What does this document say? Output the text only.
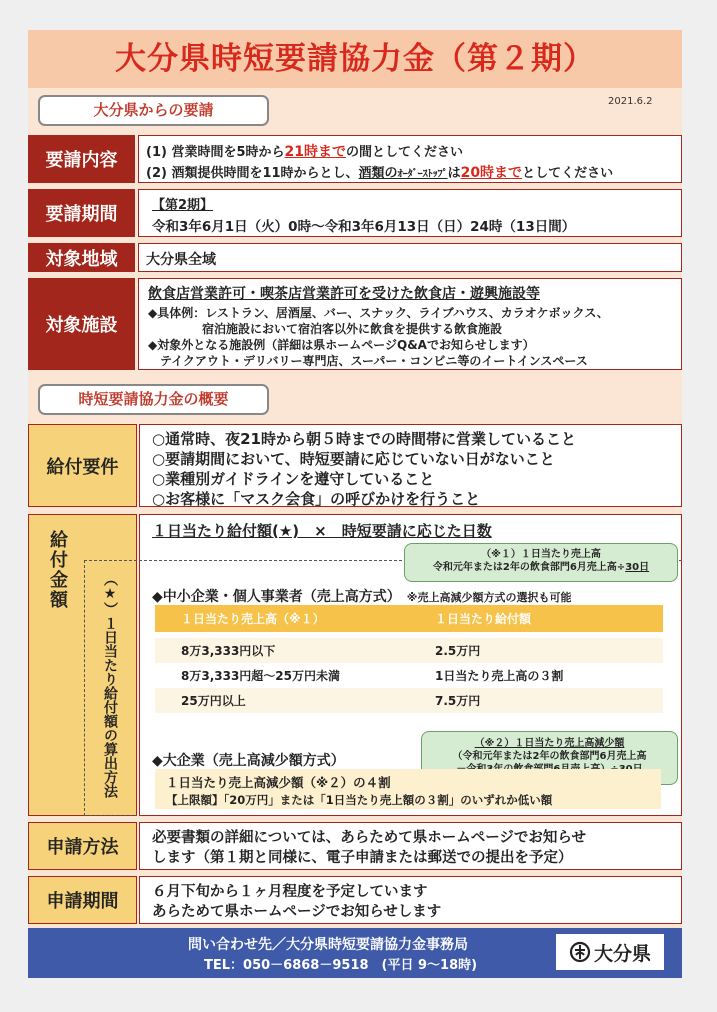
大分県時短要請協力金（第２期）
大分県からの要請	2021.6.2
要請内容	(1) 営業時間を5時から21時までの間としてください
(2) 酒類提供時間を11時からとし、酒類のｵｰﾀﾞｰｽﾄｯﾌﾟは20時までとしてください
要請期間	【第2期】
令和3年6月1日（火）0時～令和3年6月13日（日）24時（13日間）
対象地域	大分県全域
対象施設
飲食店営業許可・喫茶店営業許可を受けた飲食店・遊興施設等
◆具体例：レストラン、居酒屋、バー、スナック、ライブハウス、カラオケボックス、
宿泊施設において宿泊客以外に飲食を提供する飲食施設
◆対象外となる施設例（詳細は県ホームページQ&Aでお知らせします）
テイクアウト・デリバリー専門店、スーパー・コンビニ等のイートインスペース
時短要請協力金の概要
給付要件
○通常時、夜21時から朝５時までの時間帯に営業していること
○要請期間において、時短要請に応じていない日がないこと
○業種別ガイドラインを遵守していること
○お客様に「マスク会食」の呼びかけを行うこと
給付金額
（★）１日当たり給付額の算出方法
１日当たり給付額(★)　×　時短要請に応じた日数
（※１）１日当たり売上高
令和元年または2年の飲食部門6月売上高÷30日
◆中小企業・個人事業者（売上高方式） ※売上高減少額方式の選択も可能
１日当たり売上高（※１）	１日当たり給付額
8万3,333円以下	2.5万円
8万3,333円超～25万円未満	1日当たり売上高の３割
25万円以上	7.5万円
（※２）１日当たり売上高減少額
（令和元年または2年の飲食部門6月売上高
◆大企業（売上高減少額方式）
１日当たり売上高減少額（※２）の４割
【上限額】「20万円」または「1日当たり売上額の３割」のいずれか低い額
申請方法	必要書類の詳細については、あらためて県ホームページでお知らせ
します（第１期と同様に、電子申請または郵送での提出を予定）
申請期間	６月下旬から１ヶ月程度を予定しています
あらためて県ホームページでお知らせします
問い合わせ先／大分県時短要請協力金事務局
TEL：050－6868－9518　(平日 9～18時)
大分県
